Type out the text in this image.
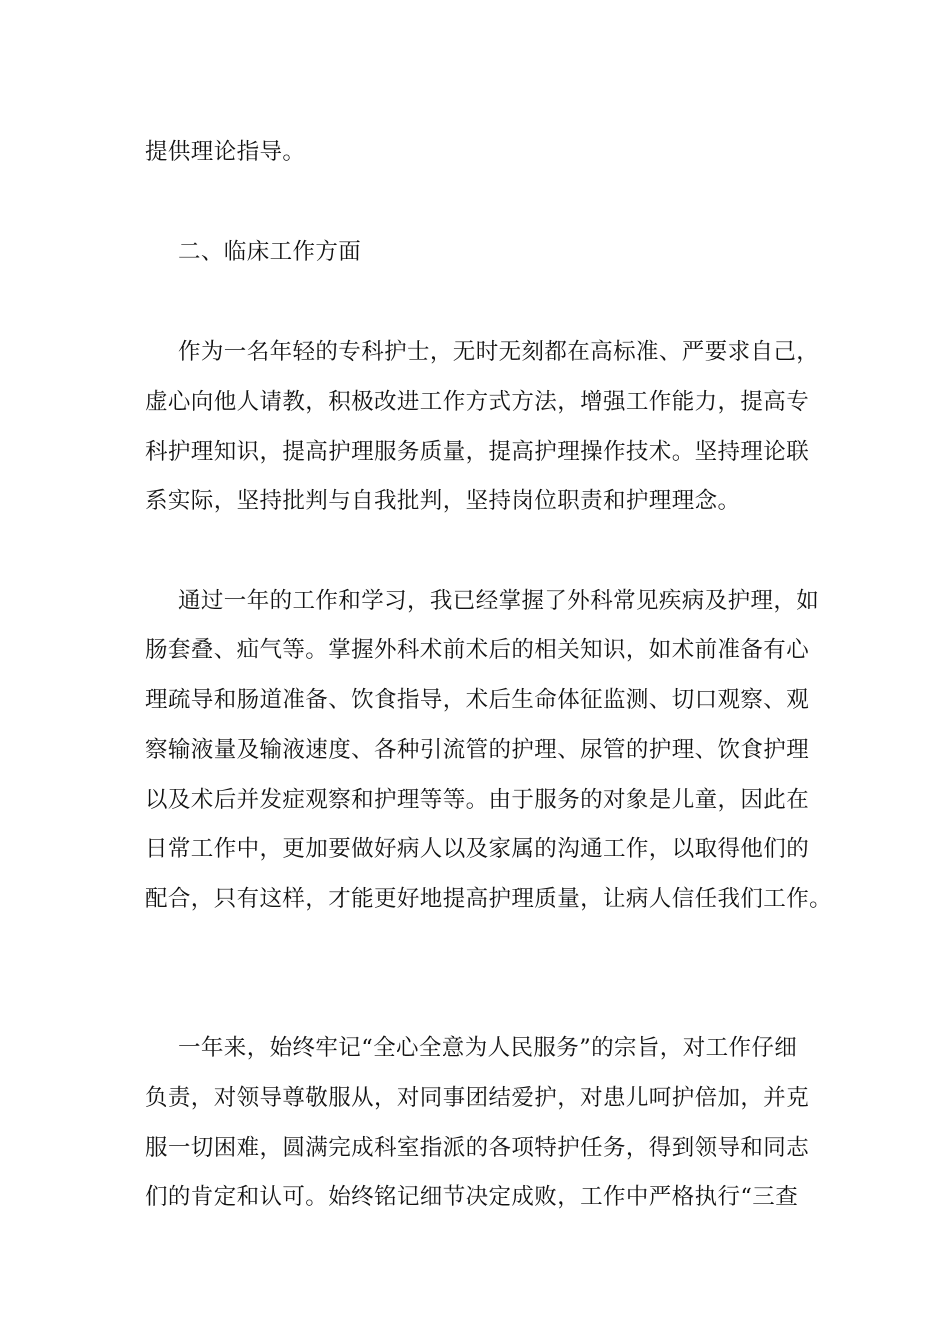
提供理论指导。
二、临床工作方面
作为一名年轻的专科护士，无时无刻都在高标准、严要求自己，
虚心向他人请教，积极改进工作方式方法，增强工作能力，提高专
科护理知识，提高护理服务质量，提高护理操作技术。坚持理论联
系实际，坚持批判与自我批判，坚持岗位职责和护理理念。
通过一年的工作和学习，我已经掌握了外科常见疾病及护理，如
肠套叠、疝气等。掌握外科术前术后的相关知识，如术前准备有心
理疏导和肠道准备、饮食指导，术后生命体征监测、切口观察、观
察输液量及输液速度、各种引流管的护理、尿管的护理、饮食护理
以及术后并发症观察和护理等等。由于服务的对象是儿童，因此在
日常工作中，更加要做好病人以及家属的沟通工作，以取得他们的
配合，只有这样，才能更好地提高护理质量，让病人信任我们工作。
一年来，始终牢记“全心全意为人民服务”的宗旨，对工作仔细
负责，对领导尊敬服从，对同事团结爱护，对患儿呵护倍加，并克
服一切困难，圆满完成科室指派的各项特护任务，得到领导和同志
们的肯定和认可。始终铭记细节决定成败，工作中严格执行“三查
